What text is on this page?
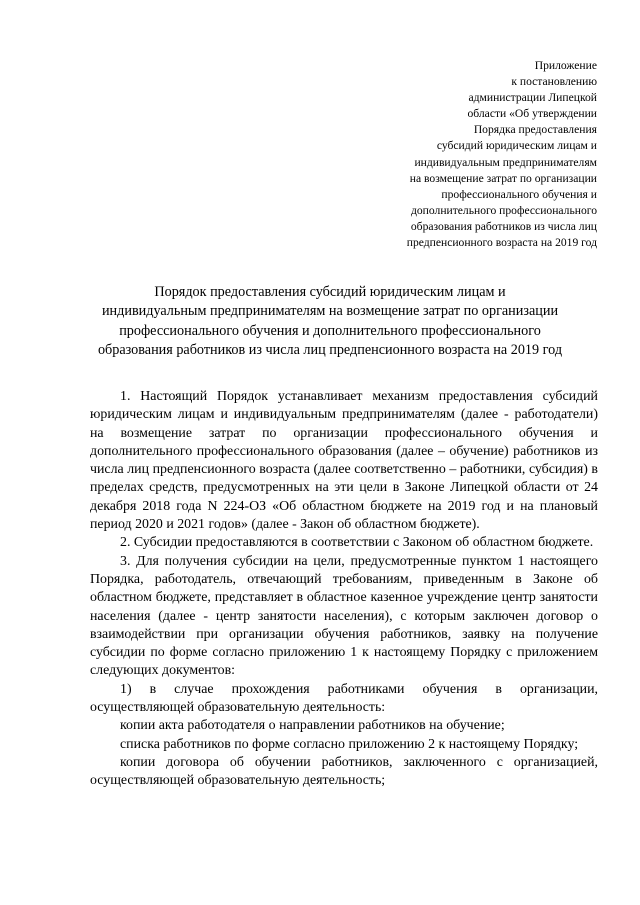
Приложение
к постановлению
администрации Липецкой
области «Об утверждении
Порядка предоставления
субсидий юридическим лицам и
индивидуальным предпринимателям
на возмещение затрат по организации
профессионального обучения и
дополнительного профессионального
образования работников из числа лиц
предпенсионного возраста на 2019 год
Порядок предоставления субсидий юридическим лицам и
индивидуальным предпринимателям на возмещение затрат по организации
профессионального обучения и дополнительного профессионального
образования работников из числа лиц предпенсионного возраста на 2019 год

1. Настоящий Порядок устанавливает механизм предоставления субсидий юридическим лицам и индивидуальным предпринимателям (далее - работодатели) на возмещение затрат по организации профессионального обучения и дополнительного профессионального образования (далее – обучение) работников из числа лиц предпенсионного возраста (далее соответственно – работники, субсидия) в пределах средств, предусмотренных на эти цели в Законе Липецкой области от 24 декабря 2018 года N 224-ОЗ «Об областном бюджете на 2019 год и на плановый период 2020 и 2021 годов» (далее - Закон об областном бюджете).

2. Субсидии предоставляются в соответствии с Законом об областном бюджете.

3. Для получения субсидии на цели, предусмотренные пунктом 1 настоящего Порядка, работодатель, отвечающий требованиям, приведенным в Законе об областном бюджете, представляет в областное казенное учреждение центр занятости населения (далее - центр занятости населения), с которым заключен договор о взаимодействии при организации обучения работников, заявку на получение субсидии по форме согласно приложению 1 к настоящему Порядку с приложением следующих документов:

1) в случае прохождения работниками обучения в организации, осуществляющей образовательную деятельность:

копии акта работодателя о направлении работников на обучение;

списка работников по форме согласно приложению 2 к настоящему Порядку;

копии договора об обучении работников, заключенного с организацией, осуществляющей образовательную деятельность;
